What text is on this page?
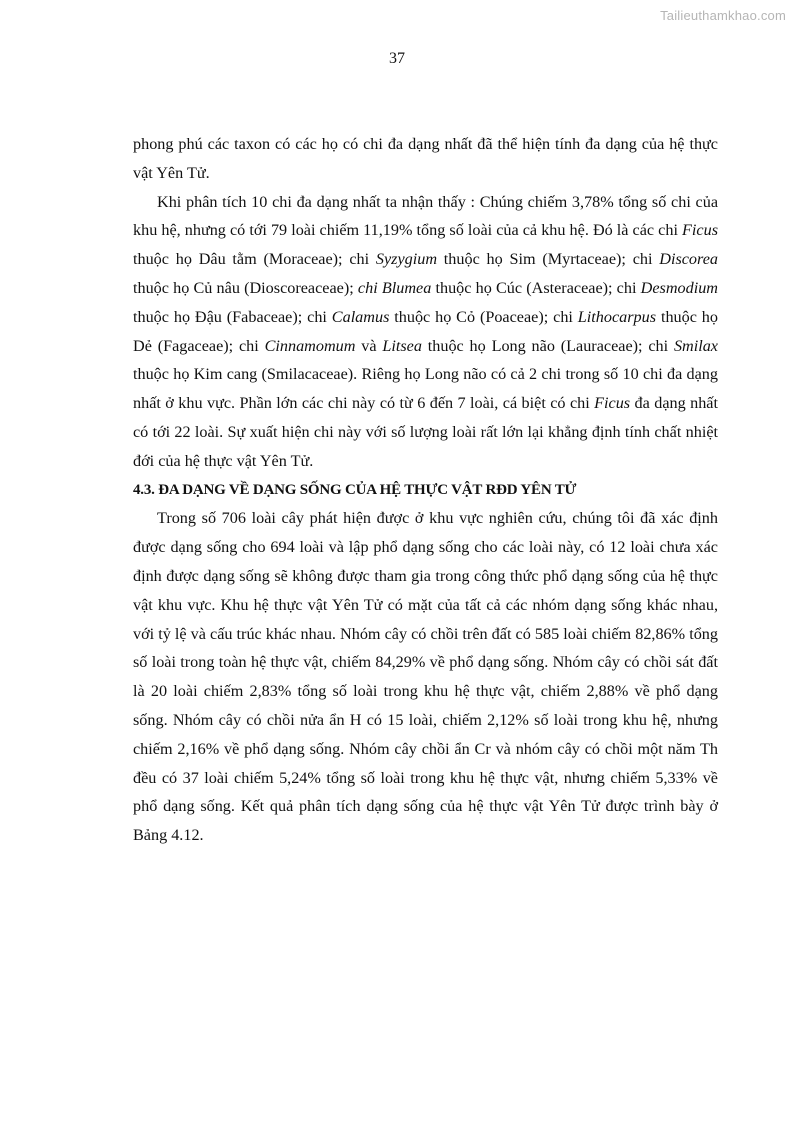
Tailieuthamkhao.com
37

phong phú các taxon có các họ có chi đa dạng nhất đã thể hiện tính đa dạng của hệ thực vật Yên Tử.

Khi phân tích 10 chi đa dạng nhất ta nhận thấy : Chúng chiếm 3,78% tổng số chi của khu hệ, nhưng có tới 79 loài chiếm 11,19% tổng số loài của cả khu hệ. Đó là các chi Ficus thuộc họ Dâu tằm (Moraceae); chi Syzygium thuộc họ Sim (Myrtaceae); chi Discorea thuộc họ Củ nâu (Dioscoreaceae); chi Blumea thuộc họ Cúc (Asteraceae); chi Desmodium thuộc họ Đậu (Fabaceae); chi Calamus thuộc họ Cỏ (Poaceae); chi Lithocarpus thuộc họ Dẻ (Fagaceae); chi Cinnamomum và Litsea thuộc họ Long não (Lauraceae); chi Smilax thuộc họ Kim cang (Smilacaceae). Riêng họ Long não có cả 2 chi trong số 10 chi đa dạng nhất ở khu vực. Phần lớn các chi này có từ 6 đến 7 loài, cá biệt có chi Ficus đa dạng nhất có tới 22 loài. Sự xuất hiện chi này với số lượng loài rất lớn lại khẳng định tính chất nhiệt đới của hệ thực vật Yên Tử.

4.3. ĐA DẠNG VỀ DẠNG SỐNG CỦA HỆ THỰC VẬT RĐD YÊN TỬ

Trong số 706 loài cây phát hiện được ở khu vực nghiên cứu, chúng tôi đã xác định được dạng sống cho 694 loài và lập phổ dạng sống cho các loài này, có 12 loài chưa xác định được dạng sống sẽ không được tham gia trong công thức phổ dạng sống của hệ thực vật khu vực. Khu hệ thực vật Yên Tử có mặt của tất cả các nhóm dạng sống khác nhau, với tỷ lệ và cấu trúc khác nhau. Nhóm cây có chồi trên đất có 585 loài chiếm 82,86% tổng số loài trong toàn hệ thực vật, chiếm 84,29% về phổ dạng sống. Nhóm cây có chồi sát đất là 20 loài chiếm 2,83% tổng số loài trong khu hệ thực vật, chiếm 2,88% về phổ dạng sống. Nhóm cây có chồi nửa ẩn H có 15 loài, chiếm 2,12% số loài trong khu hệ, nhưng chiếm 2,16% về phổ dạng sống. Nhóm cây chồi ẩn Cr và nhóm cây có chồi một năm Th đều có 37 loài chiếm 5,24% tổng số loài trong khu hệ thực vật, nhưng chiếm 5,33% về phổ dạng sống. Kết quả phân tích dạng sống của hệ thực vật Yên Tử được trình bày ở Bảng 4.12.
